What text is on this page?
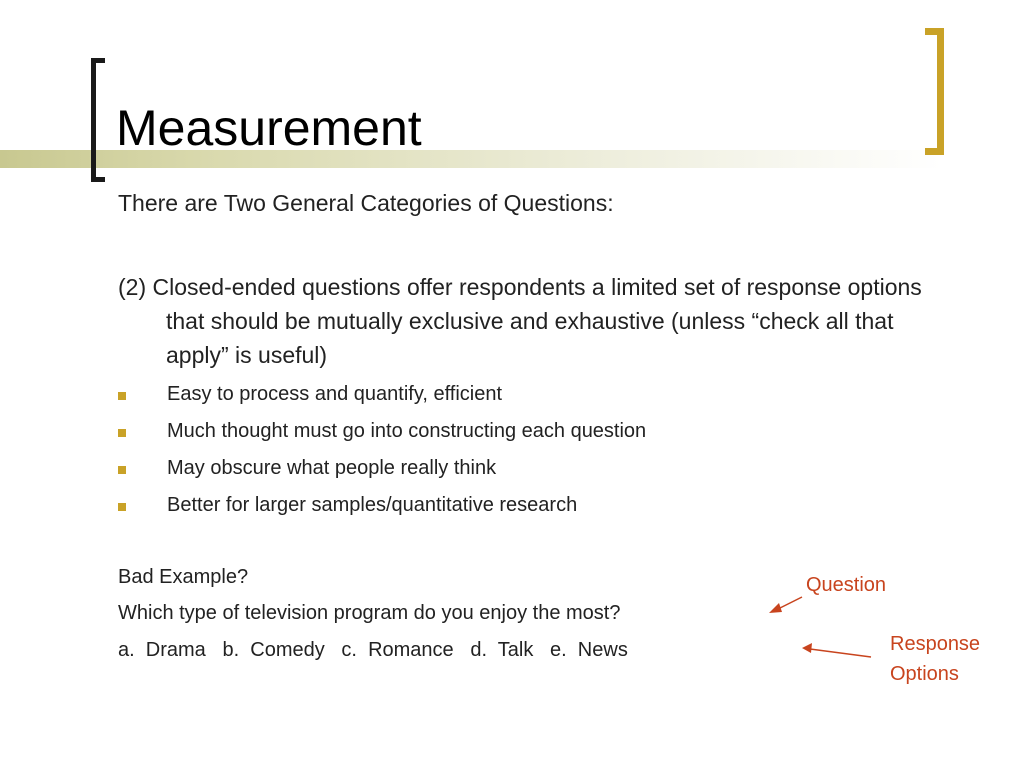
Measurement
There are Two General Categories of Questions:

(2) Closed-ended questions offer respondents a limited set of response options that should be mutually exclusive and exhaustive (unless “check all that apply” is useful)

Easy to process and quantify, efficient
Much thought must go into constructing each question
May obscure what people really think
Better for larger samples/quantitative research
Bad Example?
Which type of television program do you enjoy the most?
a.  Drama   b.  Comedy   c.  Romance   d.  Talk   e.  News
Question
Response
Options
